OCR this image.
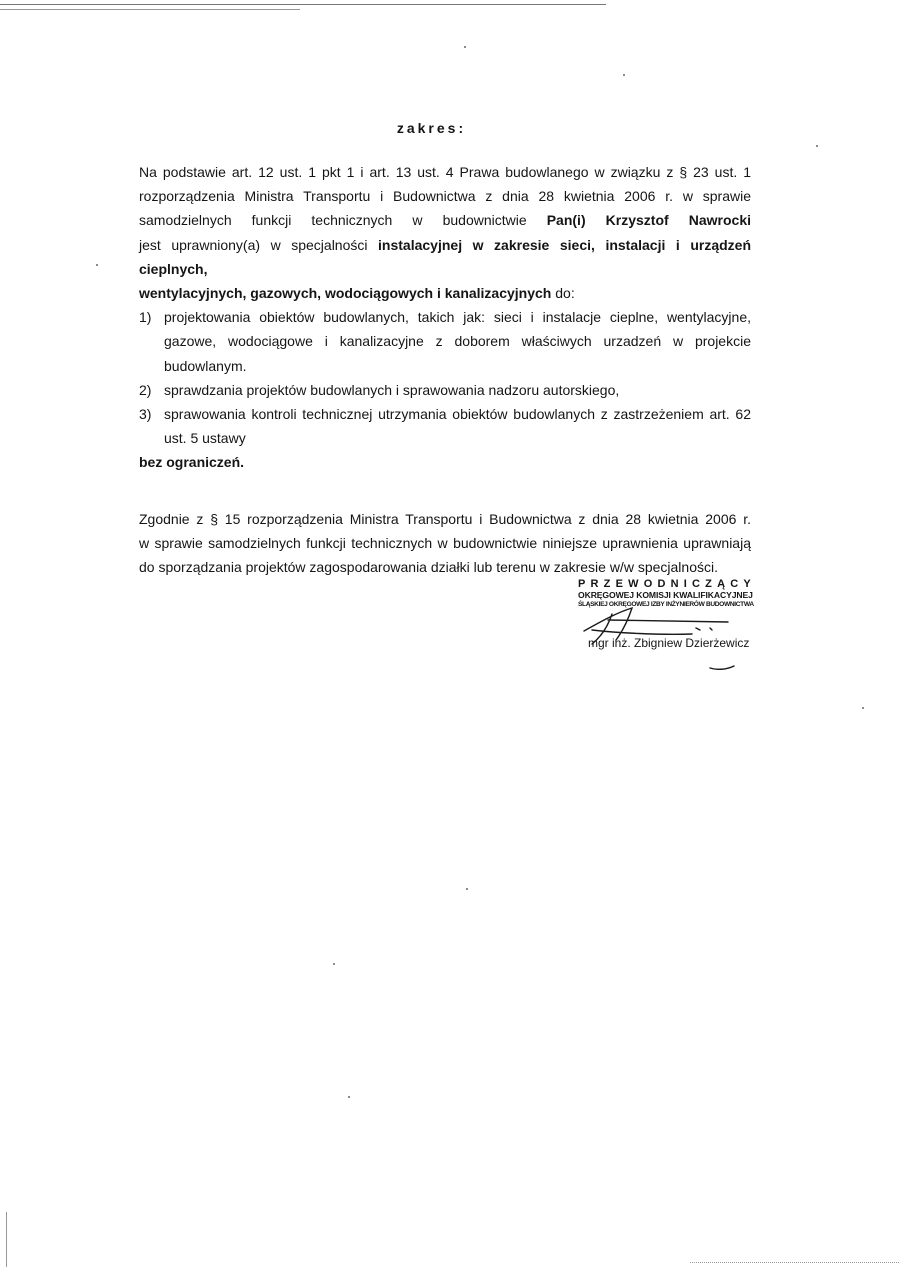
zakres:
Na podstawie art. 12 ust. 1 pkt 1 i art. 13 ust. 4 Prawa budowlanego w związku z § 23 ust. 1
rozporządzenia Ministra Transportu i Budownictwa z dnia 28 kwietnia 2006 r. w sprawie
samodzielnych funkcji technicznych w budownictwie Pan(i) Krzysztof Nawrocki
jest uprawniony(a) w specjalności instalacyjnej w zakresie sieci, instalacji i urządzeń cieplnych,
wentylacyjnych, gazowych, wodociągowych i kanalizacyjnych do:
1) projektowania obiektów budowlanych, takich jak: sieci i instalacje cieplne, wentylacyjne,
gazowe, wodociągowe i kanalizacyjne z doborem właściwych urzadzeń w projekcie
budowlanym.
2) sprawdzania projektów budowlanych i sprawowania nadzoru autorskiego,
3) sprawowania kontroli technicznej utrzymania obiektów budowlanych z zastrzeżeniem art. 62
ust. 5 ustawy
bez ograniczeń.
Zgodnie z § 15 rozporządzenia Ministra Transportu i Budownictwa z dnia 28 kwietnia 2006 r.
w sprawie samodzielnych funkcji technicznych w budownictwie niniejsze uprawnienia uprawniają
do sporządzania projektów zagospodarowania działki lub terenu w zakresie w/w specjalności.
PRZEWODNICZĄCY
OKRĘGOWEJ KOMISJI KWALIFIKACYJNEJ
ŚLĄSKIEJ OKRĘGOWEJ IZBY INŻYNIERÓW BUDOWNICTWA
mgr inż. Zbigniew Dzierżewicz
